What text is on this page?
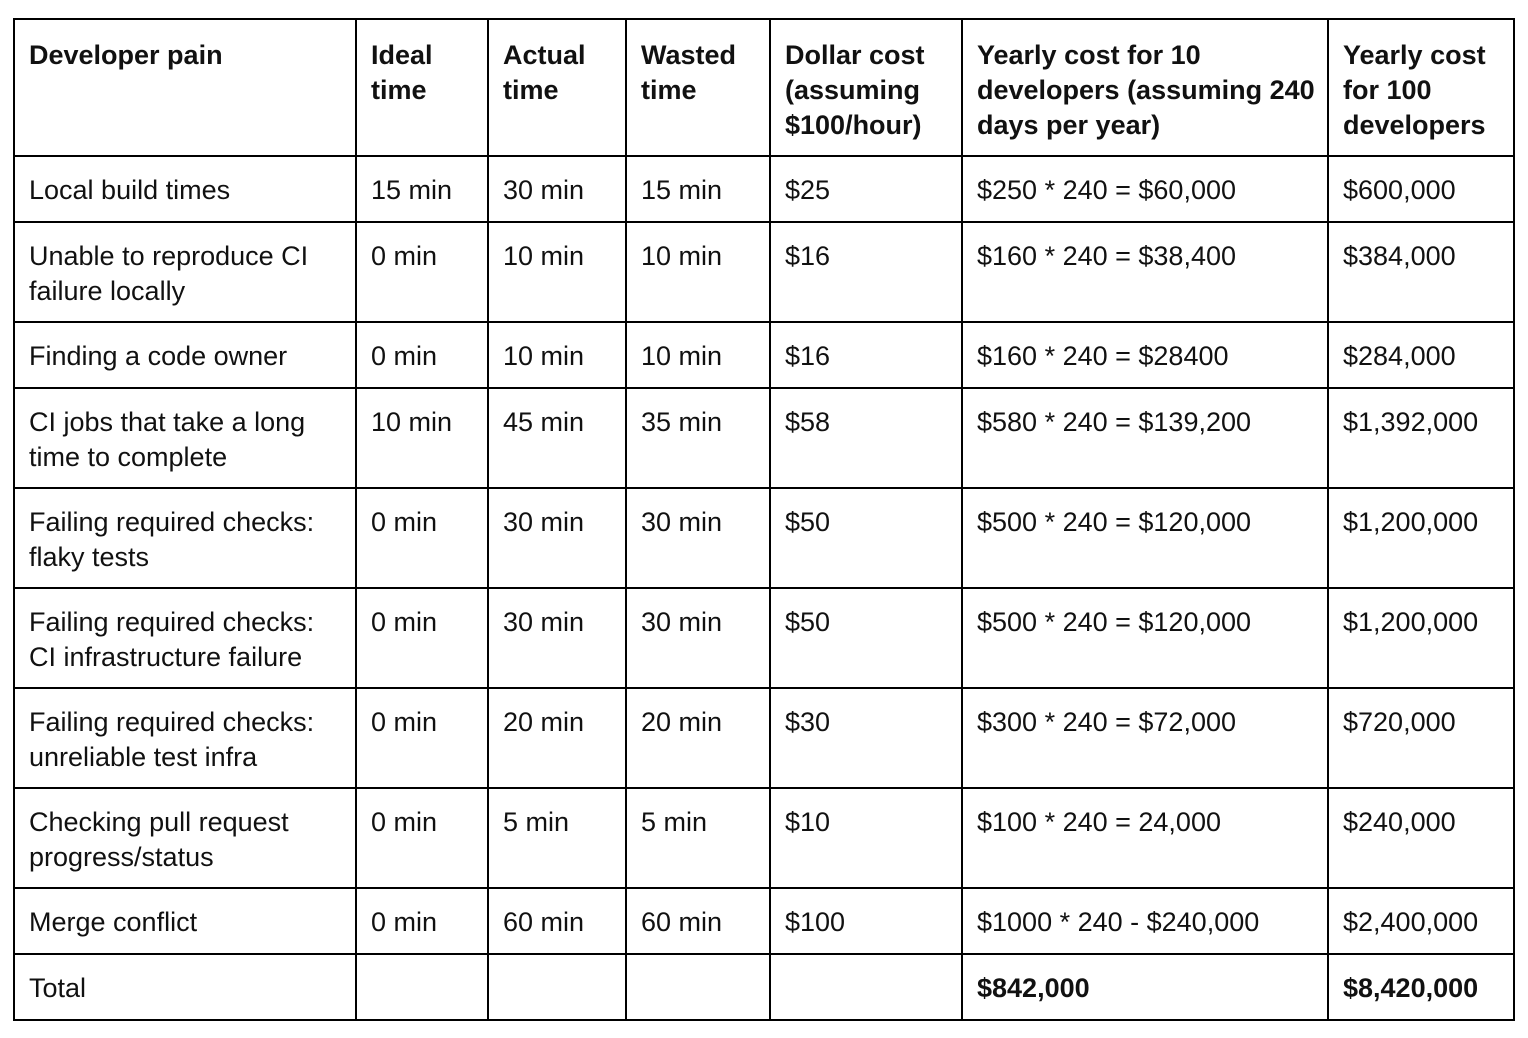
Developer pain	Ideal time	Actual time	Wasted time	Dollar cost (assuming $100/hour)	Yearly cost for 10 developers (assuming 240 days per year)	Yearly cost for 100 developers
Local build times	15 min	30 min	15 min	$25	$250 * 240 = $60,000	$600,000
Unable to reproduce CI failure locally	0 min	10 min	10 min	$16	$160 * 240 = $38,400	$384,000
Finding a code owner	0 min	10 min	10 min	$16	$160 * 240 = $28400	$284,000
CI jobs that take a long time to complete	10 min	45 min	35 min	$58	$580 * 240 = $139,200	$1,392,000
Failing required checks: flaky tests	0 min	30 min	30 min	$50	$500 * 240 = $120,000	$1,200,000
Failing required checks: CI infrastructure failure	0 min	30 min	30 min	$50	$500 * 240 = $120,000	$1,200,000
Failing required checks: unreliable test infra	0 min	20 min	20 min	$30	$300 * 240 = $72,000	$720,000
Checking pull request progress/status	0 min	5 min	5 min	$10	$100 * 240 = 24,000	$240,000
Merge conflict	0 min	60 min	60 min	$100	$1000 * 240 - $240,000	$2,400,000
Total					$842,000	$8,420,000
